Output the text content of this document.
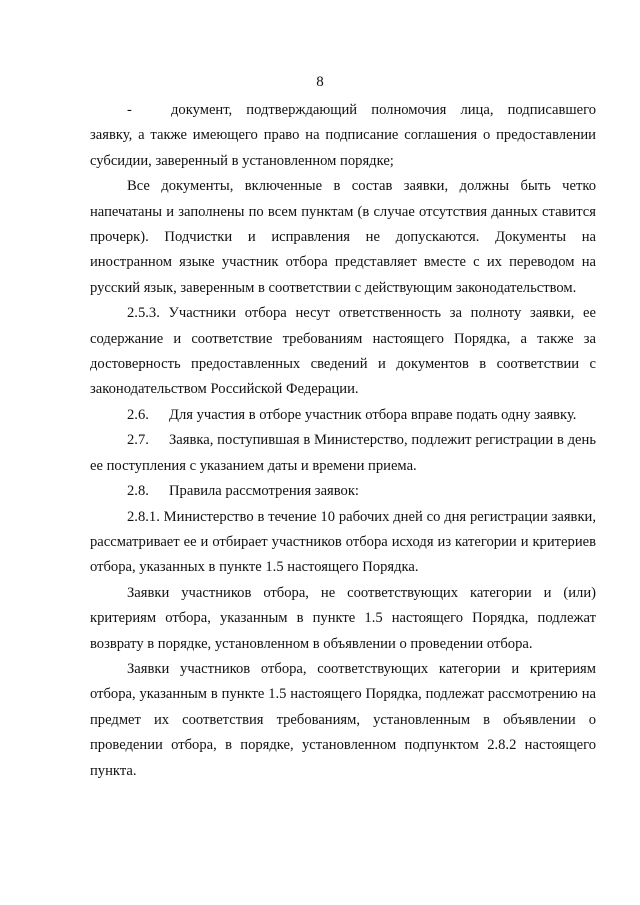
8

-	документ, подтверждающий полномочия лица, подписавшего заявку, а также имеющего право на подписание соглашения о предоставлении субсидии, заверенный в установленном порядке;

Все документы, включенные в состав заявки, должны быть четко напечатаны и заполнены по всем пунктам (в случае отсутствия данных ставится прочерк). Подчистки и исправления не допускаются. Документы на иностранном языке участник отбора представляет вместе с их переводом на русский язык, заверенным в соответствии с действующим законодательством.

2.5.3. Участники отбора несут ответственность за полноту заявки, ее содержание и соответствие требованиям настоящего Порядка, а также за достоверность предоставленных сведений и документов в соответствии с законодательством Российской Федерации.

2.6. Для участия в отборе участник отбора вправе подать одну заявку.

2.7. Заявка, поступившая в Министерство, подлежит регистрации в день ее поступления с указанием даты и времени приема.

2.8. Правила рассмотрения заявок:

2.8.1. Министерство в течение 10 рабочих дней со дня регистрации заявки, рассматривает ее и отбирает участников отбора исходя из категории и критериев отбора, указанных в пункте 1.5 настоящего Порядка.

Заявки участников отбора, не соответствующих категории и (или) критериям отбора, указанным в пункте 1.5 настоящего Порядка, подлежат возврату в порядке, установленном в объявлении о проведении отбора.

Заявки участников отбора, соответствующих категории и критериям отбора, указанным в пункте 1.5 настоящего Порядка, подлежат рассмотрению на предмет их соответствия требованиям, установленным в объявлении о проведении отбора, в порядке, установленном подпунктом 2.8.2 настоящего пункта.
